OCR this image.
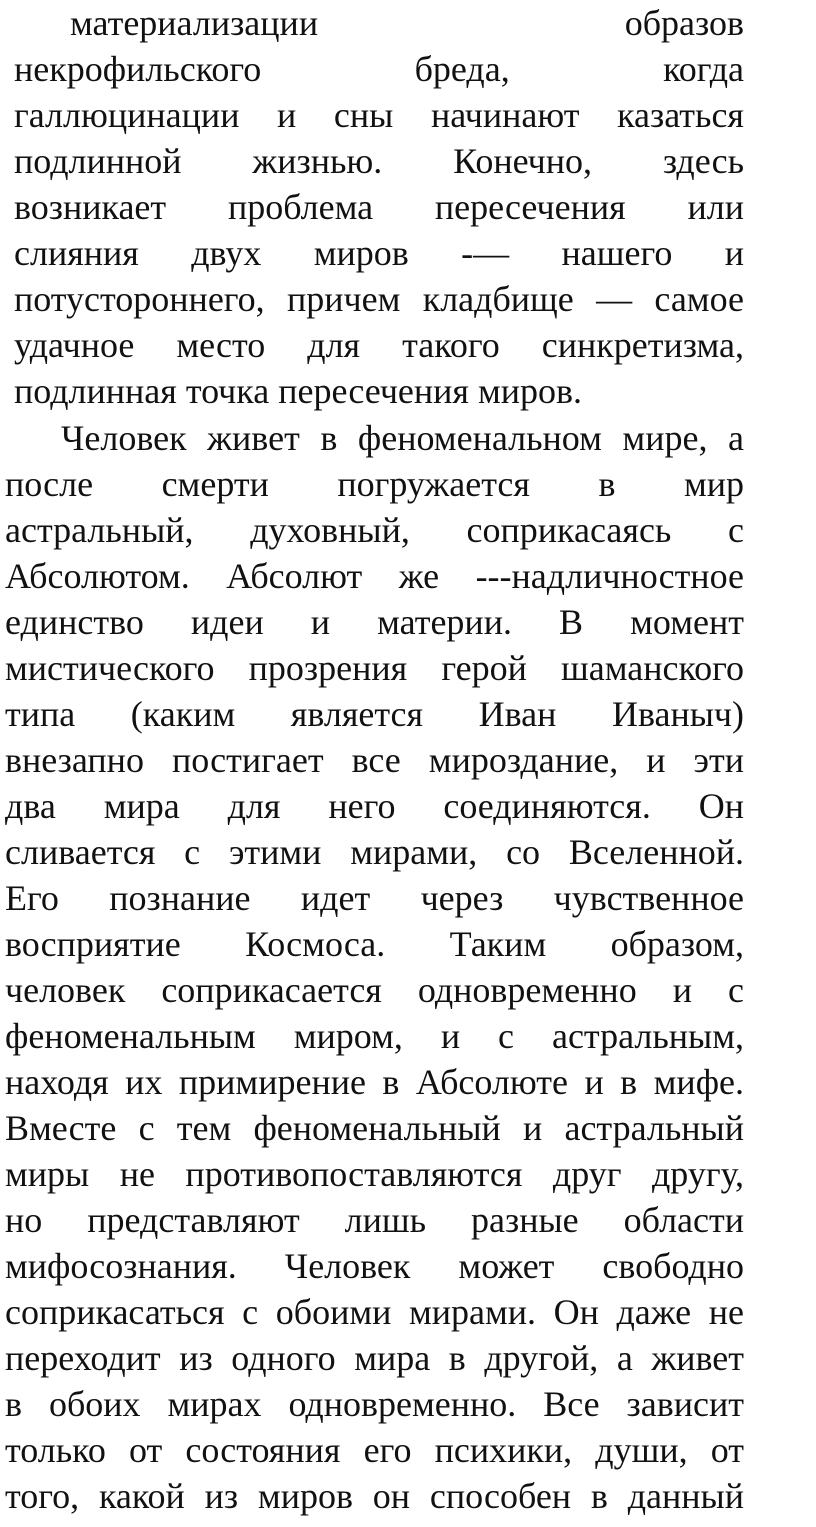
материализации образов
некрофильского бреда, когда
галлюцинации и сны начинают казаться
подлинной жизнью. Конечно, здесь
возникает проблема пересечения или
слияния двух миров -— нашего и
потустороннего, причем кладбище — самое
удачное место для такого синкретизма,
подлинная точка пересечения миров.
Человек живет в феноменальном мире, а
после смерти погружается в мир
астральный, духовный, соприкасаясь с
Абсолютом. Абсолют же ---надличностное
единство идеи и материи. В момент
мистического прозрения герой шаманского
типа (каким является Иван Иваныч)
внезапно постигает все мироздание, и эти
два мира для него соединяются. Он
сливается с этими мирами, со Вселенной.
Его познание идет через чувственное
восприятие Космоса. Таким образом,
человек соприкасается одновременно и с
феноменальным миром, и с астральным,
находя их примирение в Абсолюте и в мифе.
Вместе с тем феноменальный и астральный
миры не противопоставляются друг другу,
но представляют лишь разные области
мифосознания. Человек может свободно
соприкасаться с обоими мирами. Он даже не
переходит из одного мира в другой, а живет
в обоих мирах одновременно. Все зависит
только от состояния его психики, души, от
того, какой из миров он способен в данный
